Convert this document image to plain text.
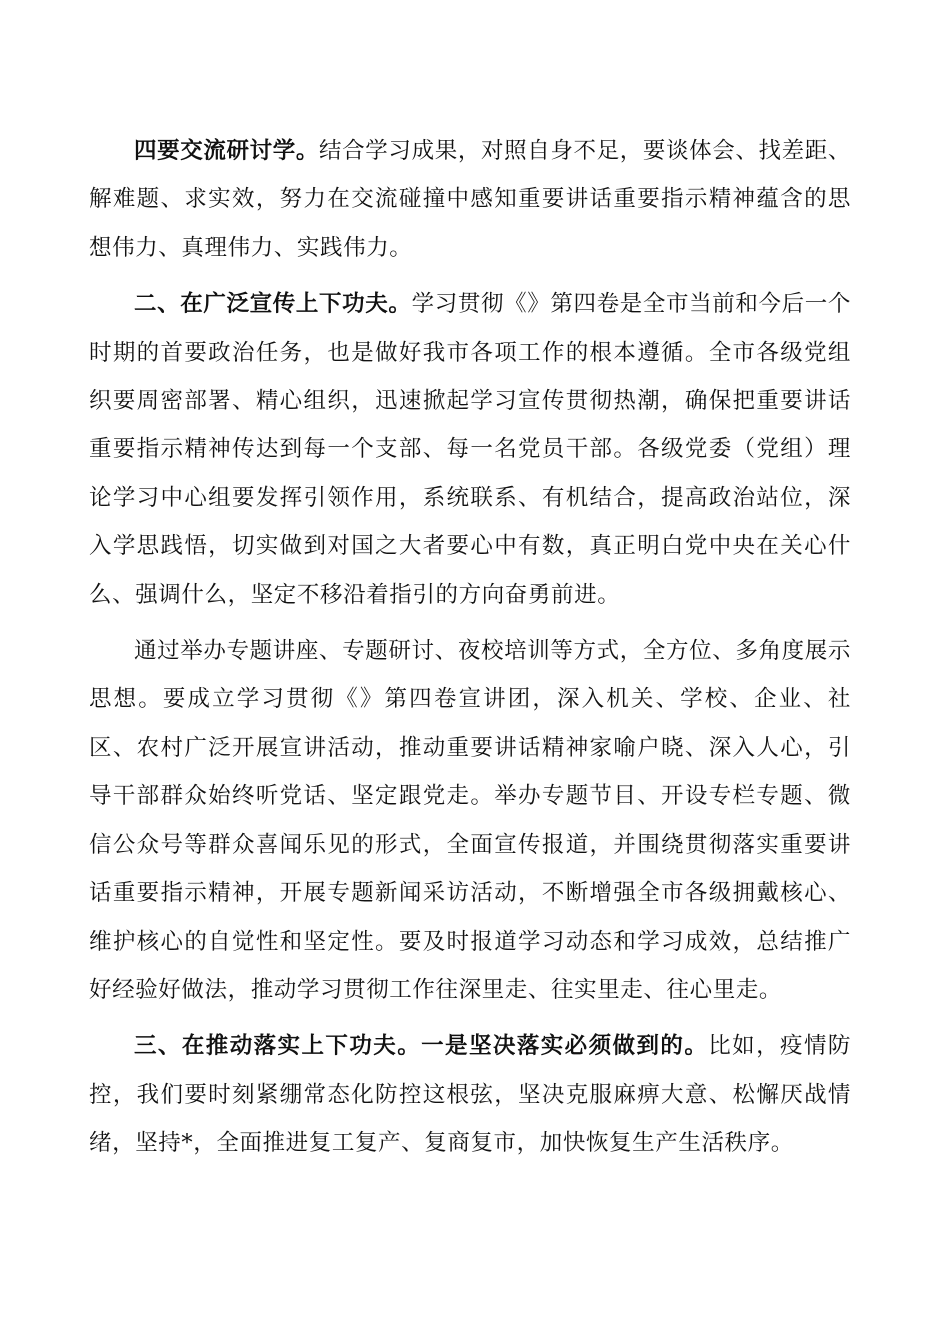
四要交流研讨学。结合学习成果，对照自身不足，要谈体会、找差距、解难题、求实效，努力在交流碰撞中感知重要讲话重要指示精神蕴含的思想伟力、真理伟力、实践伟力。

二、在广泛宣传上下功夫。学习贯彻《》第四卷是全市当前和今后一个时期的首要政治任务，也是做好我市各项工作的根本遵循。全市各级党组织要周密部署、精心组织，迅速掀起学习宣传贯彻热潮，确保把重要讲话重要指示精神传达到每一个支部、每一名党员干部。各级党委（党组）理论学习中心组要发挥引领作用，系统联系、有机结合，提高政治站位，深入学思践悟，切实做到对国之大者要心中有数，真正明白党中央在关心什么、强调什么，坚定不移沿着指引的方向奋勇前进。

通过举办专题讲座、专题研讨、夜校培训等方式，全方位、多角度展示思想。要成立学习贯彻《》第四卷宣讲团，深入机关、学校、企业、社区、农村广泛开展宣讲活动，推动重要讲话精神家喻户晓、深入人心，引导干部群众始终听党话、坚定跟党走。举办专题节目、开设专栏专题、微信公众号等群众喜闻乐见的形式，全面宣传报道，并围绕贯彻落实重要讲话重要指示精神，开展专题新闻采访活动，不断增强全市各级拥戴核心、维护核心的自觉性和坚定性。要及时报道学习动态和学习成效，总结推广好经验好做法，推动学习贯彻工作往深里走、往实里走、往心里走。

三、在推动落实上下功夫。一是坚决落实必须做到的。比如，疫情防控，我们要时刻紧绷常态化防控这根弦，坚决克服麻痹大意、松懈厌战情绪，坚持*，全面推进复工复产、复商复市，加快恢复生产生活秩序。
